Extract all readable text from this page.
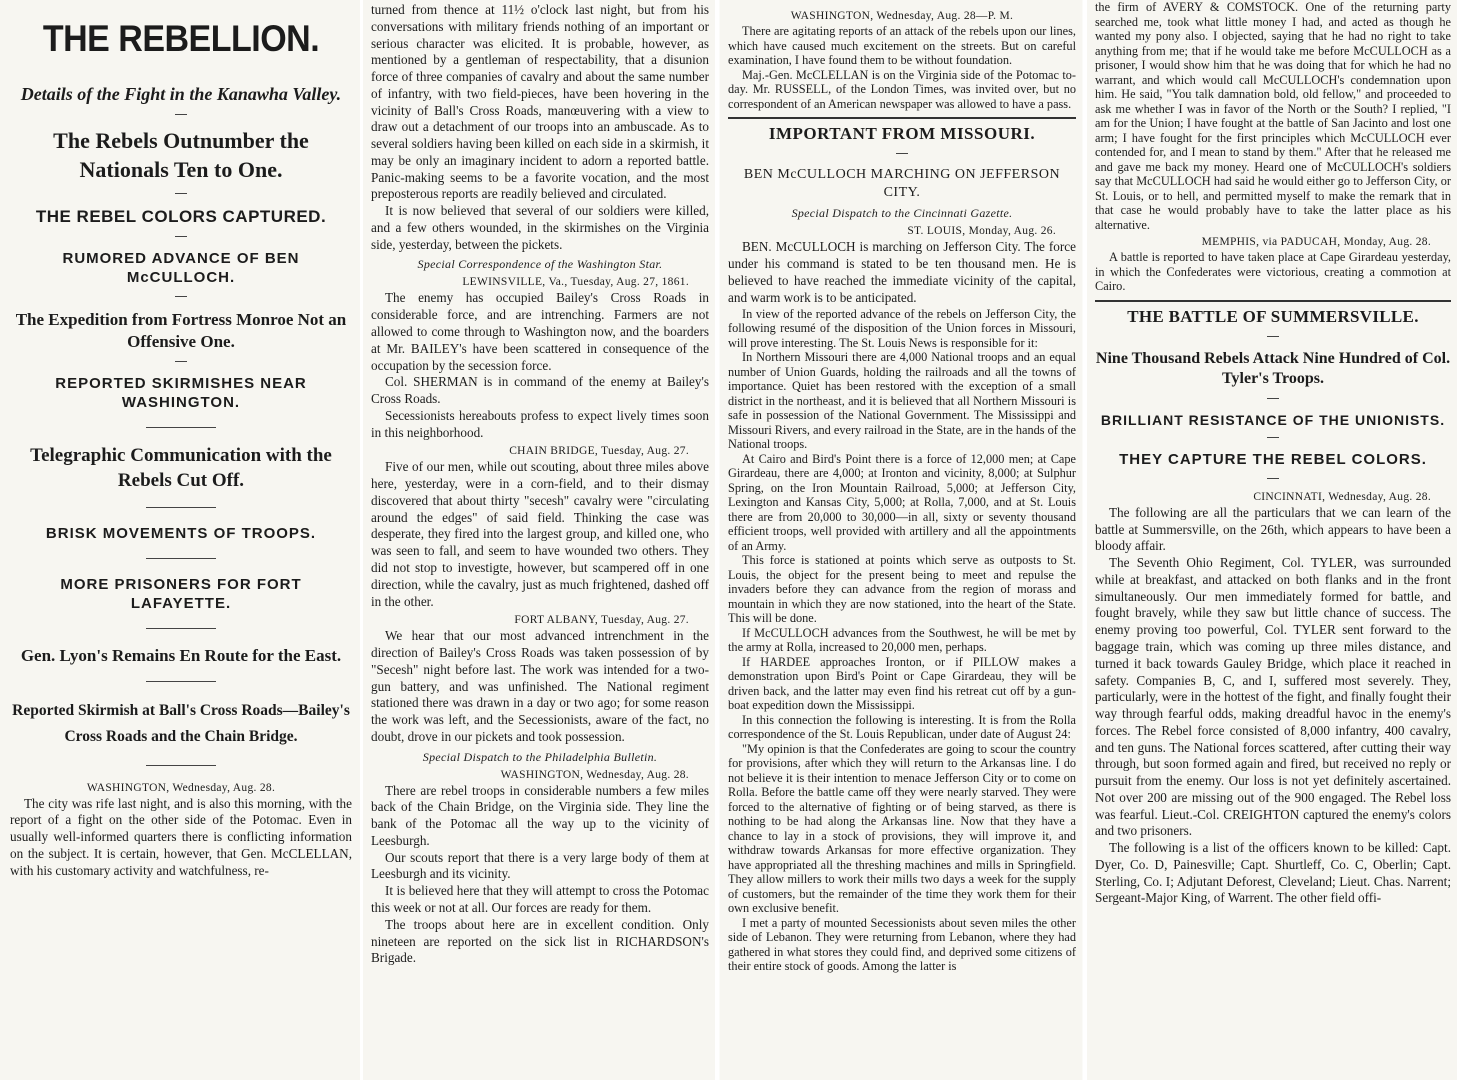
THE REBELLION.
Details of the Fight in the Kanawha Valley.
The Rebels Outnumber the Nationals Ten to One.
THE REBEL COLORS CAPTURED.
RUMORED ADVANCE OF BEN McCULLOCH.
The Expedition from Fortress Monroe Not an Offensive One.
REPORTED SKIRMISHES NEAR WASHINGTON.
Telegraphic Communication with the Rebels Cut Off.
BRISK MOVEMENTS OF TROOPS.
MORE PRISONERS FOR FORT LAFAYETTE.
Gen. Lyon's Remains En Route for the East.
Reported Skirmish at Ball's Cross Roads—Bailey's Cross Roads and the Chain Bridge.
WASHINGTON, Wednesday, Aug. 28.
The city was rife last night, and is also this morning, with the report of a fight on the other side of the Potomac. Even in usually well-informed quarters there is conflicting information on the subject. It is certain, however, that Gen. McCLELLAN, with his customary activity and watchfulness, re-
turned from thence at 11½ o'clock last night, but from his conversations with military friends nothing of an important or serious character was elicited. It is probable, however, as mentioned by a gentleman of respectability, that a disunion force of three companies of cavalry and about the same number of infantry, with two field-pieces, have been hovering in the vicinity of Ball's Cross Roads, manœuvering with a view to draw out a detachment of our troops into an ambuscade. As to several soldiers having been killed on each side in a skirmish, it may be only an imaginary incident to adorn a reported battle. Panic-making seems to be a favorite vocation, and the most preposterous reports are readily believed and circulated.
It is now believed that several of our soldiers were killed, and a few others wounded, in the skirmishes on the Virginia side, yesterday, between the pickets.
Special Correspondence of the Washington Star.
LEWINSVILLE, Va., Tuesday, Aug. 27, 1861.
The enemy has occupied Bailey's Cross Roads in considerable force, and are intrenching. Farmers are not allowed to come through to Washington now, and the boarders at Mr. BAILEY's have been scattered in consequence of the occupation by the secession force.
Col. SHERMAN is in command of the enemy at Bailey's Cross Roads.
Secessionists hereabouts profess to expect lively times soon in this neighborhood.
CHAIN BRIDGE, Tuesday, Aug. 27.
Five of our men, while out scouting, about three miles above here, yesterday, were in a corn-field, and to their dismay discovered that about thirty "secesh" cavalry were "circulating around the edges" of said field. Thinking the case was desperate, they fired into the largest group, and killed one, who was seen to fall, and seem to have wounded two others. They did not stop to investigte, however, but scampered off in one direction, while the cavalry, just as much frightened, dashed off in the other.
FORT ALBANY, Tuesday, Aug. 27.
We hear that our most advanced intrenchment in the direction of Bailey's Cross Roads was taken possession of by "Secesh" night before last. The work was intended for a two-gun battery, and was unfinished. The National regiment stationed there was drawn in a day or two ago; for some reason the work was left, and the Secessionists, aware of the fact, no doubt, drove in our pickets and took possession.
Special Dispatch to the Philadelphia Bulletin.
WASHINGTON, Wednesday, Aug. 28.
There are rebel troops in considerable numbers a few miles back of the Chain Bridge, on the Virginia side. They line the bank of the Potomac all the way up to the vicinity of Leesburgh.
Our scouts report that there is a very large body of them at Leesburgh and its vicinity.
It is believed here that they will attempt to cross the Potomac this week or not at all. Our forces are ready for them.
The troops about here are in excellent condition. Only nineteen are reported on the sick list in RICHARDSON's Brigade.
WASHINGTON, Wednesday, Aug. 28—P. M.
There are agitating reports of an attack of the rebels upon our lines, which have caused much excitement on the streets. But on careful examination, I have found them to be without foundation.
Maj.-Gen. McCLELLAN is on the Virginia side of the Potomac to-day. Mr. RUSSELL, of the London Times, was invited over, but no correspondent of an American newspaper was allowed to have a pass.
IMPORTANT FROM MISSOURI.
BEN McCULLOCH MARCHING ON JEFFERSON CITY.
Special Dispatch to the Cincinnati Gazette.
ST. LOUIS, Monday, Aug. 26.
BEN. McCULLOCH is marching on Jefferson City. The force under his command is stated to be ten thousand men. He is believed to have reached the immediate vicinity of the capital, and warm work is to be anticipated.
In view of the reported advance of the rebels on Jefferson City, the following resumé of the disposition of the Union forces in Missouri, will prove interesting. The St. Louis News is responsible for it:
In Northern Missouri there are 4,000 National troops and an equal number of Union Guards, holding the railroads and all the towns of importance. Quiet has been restored with the exception of a small district in the northeast, and it is believed that all Northern Missouri is safe in possession of the National Government. The Mississippi and Missouri Rivers, and every railroad in the State, are in the hands of the National troops.
At Cairo and Bird's Point there is a force of 12,000 men; at Cape Girardeau, there are 4,000; at Ironton and vicinity, 8,000; at Sulphur Spring, on the Iron Mountain Railroad, 5,000; at Jefferson City, Lexington and Kansas City, 5,000; at Rolla, 7,000, and at St. Louis there are from 20,000 to 30,000—in all, sixty or seventy thousand efficient troops, well provided with artillery and all the appointments of an Army.
This force is stationed at points which serve as outposts to St. Louis, the object for the present being to meet and repulse the invaders before they can advance from the region of morass and mountain in which they are now stationed, into the heart of the State. This will be done.
If McCULLOCH advances from the Southwest, he will be met by the army at Rolla, increased to 20,000 men, perhaps.
If HARDEE approaches Ironton, or if PILLOW makes a demonstration upon Bird's Point or Cape Girardeau, they will be driven back, and the latter may even find his retreat cut off by a gun-boat expedition down the Mississippi.
In this connection the following is interesting. It is from the Rolla correspondence of the St. Louis Republican, under date of August 24:
"My opinion is that the Confederates are going to scour the country for provisions, after which they will return to the Arkansas line. I do not believe it is their intention to menace Jefferson City or to come on Rolla. Before the battle came off they were nearly starved. They were forced to the alternative of fighting or of being starved, as there is nothing to be had along the Arkansas line. Now that they have a chance to lay in a stock of provisions, they will improve it, and withdraw towards Arkansas for more effective organization. They have appropriated all the threshing machines and mills in Springfield. They allow millers to work their mills two days a week for the supply of customers, but the remainder of the time they work them for their own exclusive benefit.
I met a party of mounted Secessionists about seven miles the other side of Lebanon. They were returning from Lebanon, where they had gathered in what stores they could find, and deprived some citizens of their entire stock of goods. Among the latter is
the firm of AVERY & COMSTOCK. One of the returning party searched me, took what little money I had, and acted as though he wanted my pony also. I objected, saying that he had no right to take anything from me; that if he would take me before McCULLOCH as a prisoner, I would show him that he was doing that for which he had no warrant, and which would call McCULLOCH's condemnation upon him. He said, "You talk damnation bold, old fellow," and proceeded to ask me whether I was in favor of the North or the South? I replied, "I am for the Union; I have fought at the battle of San Jacinto and lost one arm; I have fought for the first principles which McCULLOCH ever contended for, and I mean to stand by them." After that he released me and gave me back my money. Heard one of McCULLOCH's soldiers say that McCULLOCH had said he would either go to Jefferson City, or St. Louis, or to hell, and permitted myself to make the remark that in that case he would probably have to take the latter place as his alternative.
MEMPHIS, via PADUCAH, Monday, Aug. 28.
A battle is reported to have taken place at Cape Girardeau yesterday, in which the Confederates were victorious, creating a commotion at Cairo.
THE BATTLE OF SUMMERSVILLE.
Nine Thousand Rebels Attack Nine Hundred of Col. Tyler's Troops.
BRILLIANT RESISTANCE OF THE UNIONISTS.
THEY CAPTURE THE REBEL COLORS.
CINCINNATI, Wednesday, Aug. 28.
The following are all the particulars that we can learn of the battle at Summersville, on the 26th, which appears to have been a bloody affair.
The Seventh Ohio Regiment, Col. TYLER, was surrounded while at breakfast, and attacked on both flanks and in the front simultaneously. Our men immediately formed for battle, and fought bravely, while they saw but little chance of success. The enemy proving too powerful, Col. TYLER sent forward to the baggage train, which was coming up three miles distance, and turned it back towards Gauley Bridge, which place it reached in safety. Companies B, C, and I, suffered most severely. They, particularly, were in the hottest of the fight, and finally fought their way through fearful odds, making dreadful havoc in the enemy's forces. The Rebel force consisted of 8,000 infantry, 400 cavalry, and ten guns. The National forces scattered, after cutting their way through, but soon formed again and fired, but received no reply or pursuit from the enemy. Our loss is not yet definitely ascertained. Not over 200 are missing out of the 900 engaged. The Rebel loss was fearful. Lieut.-Col. CREIGHTON captured the enemy's colors and two prisoners.
The following is a list of the officers known to be killed: Capt. Dyer, Co. D, Painesville; Capt. Shurtleff, Co. C, Oberlin; Capt. Sterling, Co. I; Adjutant Deforest, Cleveland; Lieut. Chas. Narrent; Sergeant-Major King, of Warrent. The other field offi-
